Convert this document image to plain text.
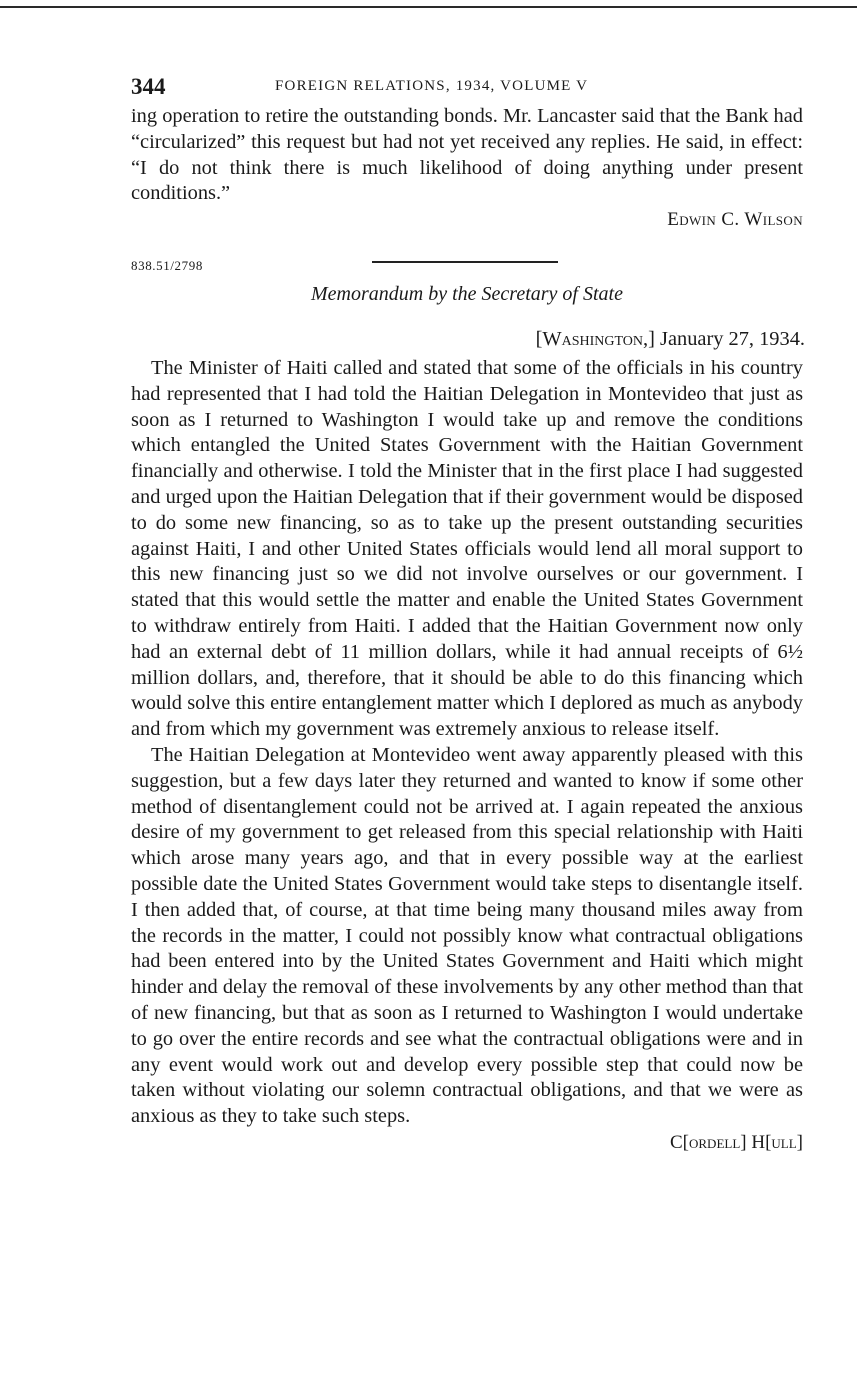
344	FOREIGN RELATIONS, 1934, VOLUME V

ing operation to retire the outstanding bonds. Mr. Lancaster said that the Bank had “circularized” this request but had not yet received any replies. He said, in effect: “I do not think there is much likelihood of doing anything under present conditions.”

Edwin C. Wilson
838.51/2798
Memorandum by the Secretary of State
[Washington,] January 27, 1934.

The Minister of Haiti called and stated that some of the officials in his country had represented that I had told the Haitian Delegation in Montevideo that just as soon as I returned to Washington I would take up and remove the conditions which entangled the United States Government with the Haitian Government financially and otherwise. I told the Minister that in the first place I had suggested and urged upon the Haitian Delegation that if their government would be disposed to do some new financing, so as to take up the present outstanding securities against Haiti, I and other United States officials would lend all moral support to this new financing just so we did not involve ourselves or our government. I stated that this would settle the matter and enable the United States Government to withdraw entirely from Haiti. I added that the Haitian Government now only had an external debt of 11 million dollars, while it had annual receipts of 6½ million dollars, and, therefore, that it should be able to do this financing which would solve this entire entanglement matter which I deplored as much as anybody and from which my government was extremely anxious to release itself.

The Haitian Delegation at Montevideo went away apparently pleased with this suggestion, but a few days later they returned and wanted to know if some other method of disentanglement could not be arrived at. I again repeated the anxious desire of my government to get released from this special relationship with Haiti which arose many years ago, and that in every possible way at the earliest possible date the United States Government would take steps to disentangle itself. I then added that, of course, at that time being many thousand miles away from the records in the matter, I could not possibly know what contractual obligations had been entered into by the United States Government and Haiti which might hinder and delay the removal of these involvements by any other method than that of new financing, but that as soon as I returned to Washington I would undertake to go over the entire records and see what the contractual obligations were and in any event would work out and develop every possible step that could now be taken without violating our solemn contractual obligations, and that we were as anxious as they to take such steps.

C[ordell] H[ull]
